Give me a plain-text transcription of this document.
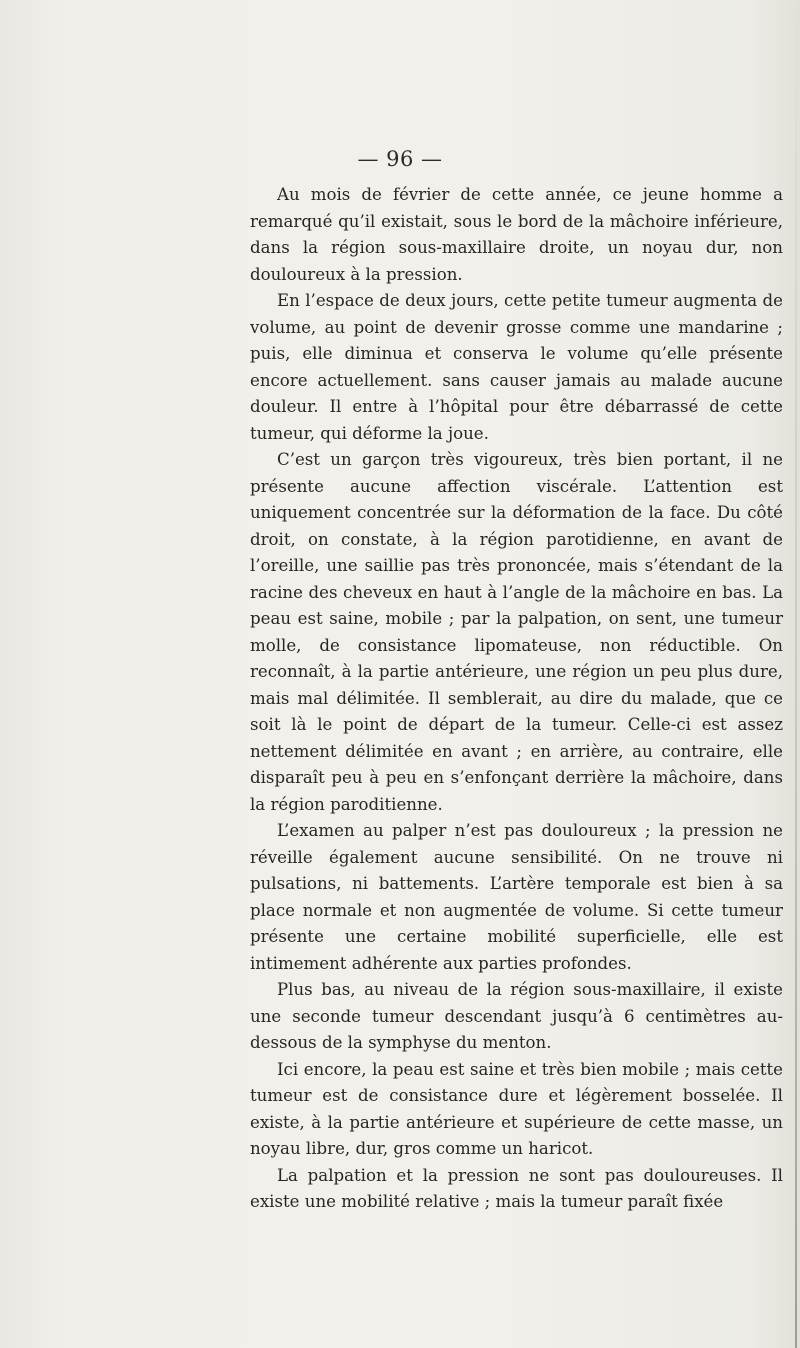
— 96 —

Au mois de février de cette année, ce jeune homme a remarqué qu’il existait, sous le bord de la mâchoire inférieure, dans la région sous-maxillaire droite, un noyau dur, non douloureux à la pression.

En l’espace de deux jours, cette petite tumeur augmenta de volume, au point de devenir grosse comme une mandarine ; puis, elle diminua et conserva le volume qu’elle présente encore actuellement. sans causer jamais au malade aucune douleur. Il entre à l’hôpital pour être débarrassé de cette tumeur, qui déforme la joue.

C’est un garçon très vigoureux, très bien portant, il ne présente aucune affection viscérale. L’attention est uniquement concentrée sur la déformation de la face. Du côté droit, on constate, à la région parotidienne, en avant de l’oreille, une saillie pas très prononcée, mais s’étendant de la racine des cheveux en haut à l’angle de la mâchoire en bas. La peau est saine, mobile ; par la palpation, on sent, une tumeur molle, de consistance lipomateuse, non réductible. On reconnaît, à la partie antérieure, une région un peu plus dure, mais mal délimitée. Il semblerait, au dire du malade, que ce soit là le point de départ de la tumeur. Celle-ci est assez nettement délimitée en avant ; en arrière, au contraire, elle disparaît peu à peu en s’enfonçant derrière la mâchoire, dans la région paroditienne.

L’examen au palper n’est pas douloureux ; la pression ne réveille également aucune sensibilité. On ne trouve ni pulsations, ni battements. L’artère temporale est bien à sa place normale et non augmentée de volume. Si cette tumeur présente une certaine mobilité superficielle, elle est intimement adhérente aux parties profondes.

Plus bas, au niveau de la région sous-maxillaire, il existe une seconde tumeur descendant jusqu’à 6 centimètres au-dessous de la symphyse du menton.

Ici encore, la peau est saine et très bien mobile ; mais cette tumeur est de consistance dure et légèrement bosselée. Il existe, à la partie antérieure et supérieure de cette masse, un noyau libre, dur, gros comme un haricot.

La palpation et la pression ne sont pas douloureuses. Il existe une mobilité relative ; mais la tumeur paraît fixée
